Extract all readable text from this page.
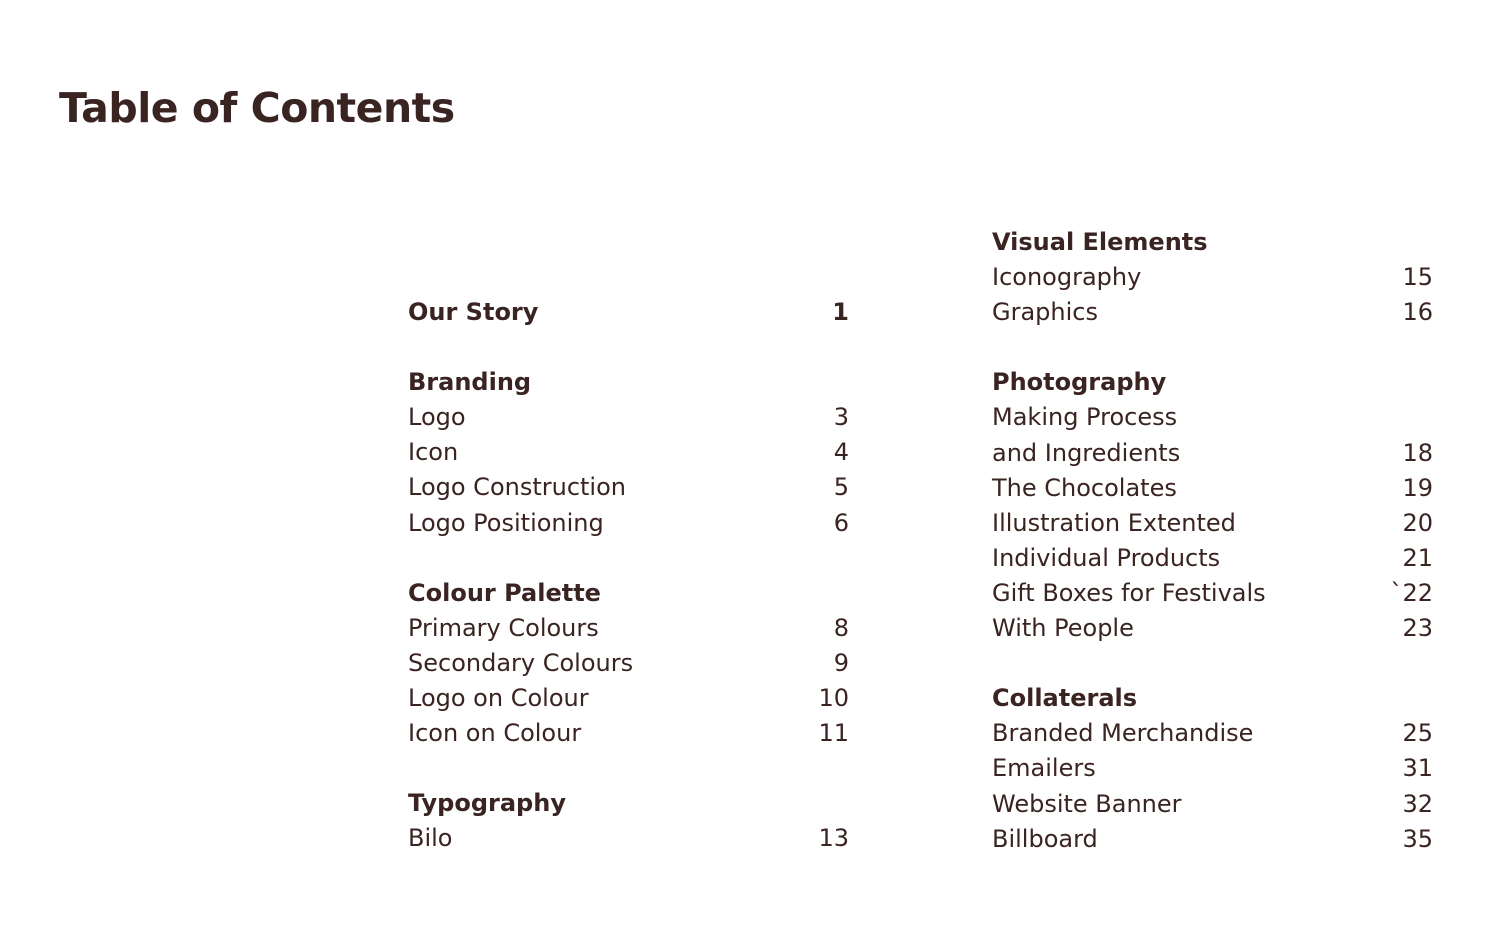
Table of Contents
Our Story	1
Branding
Logo	3
Icon	4
Logo Construction	5
Logo Positioning	6
Colour Palette
Primary Colours	8
Secondary Colours	9
Logo on Colour	10
Icon on Colour	11
Typography
Bilo	13
Visual Elements
Iconography	15
Graphics	16
Photography
Making Process
and Ingredients	18
The Chocolates	19
Illustration Extented	20
Individual Products	21
Gift Boxes for Festivals	`22
With People	23
Collaterals
Branded Merchandise	25
Emailers	31
Website Banner	32
Billboard	35
